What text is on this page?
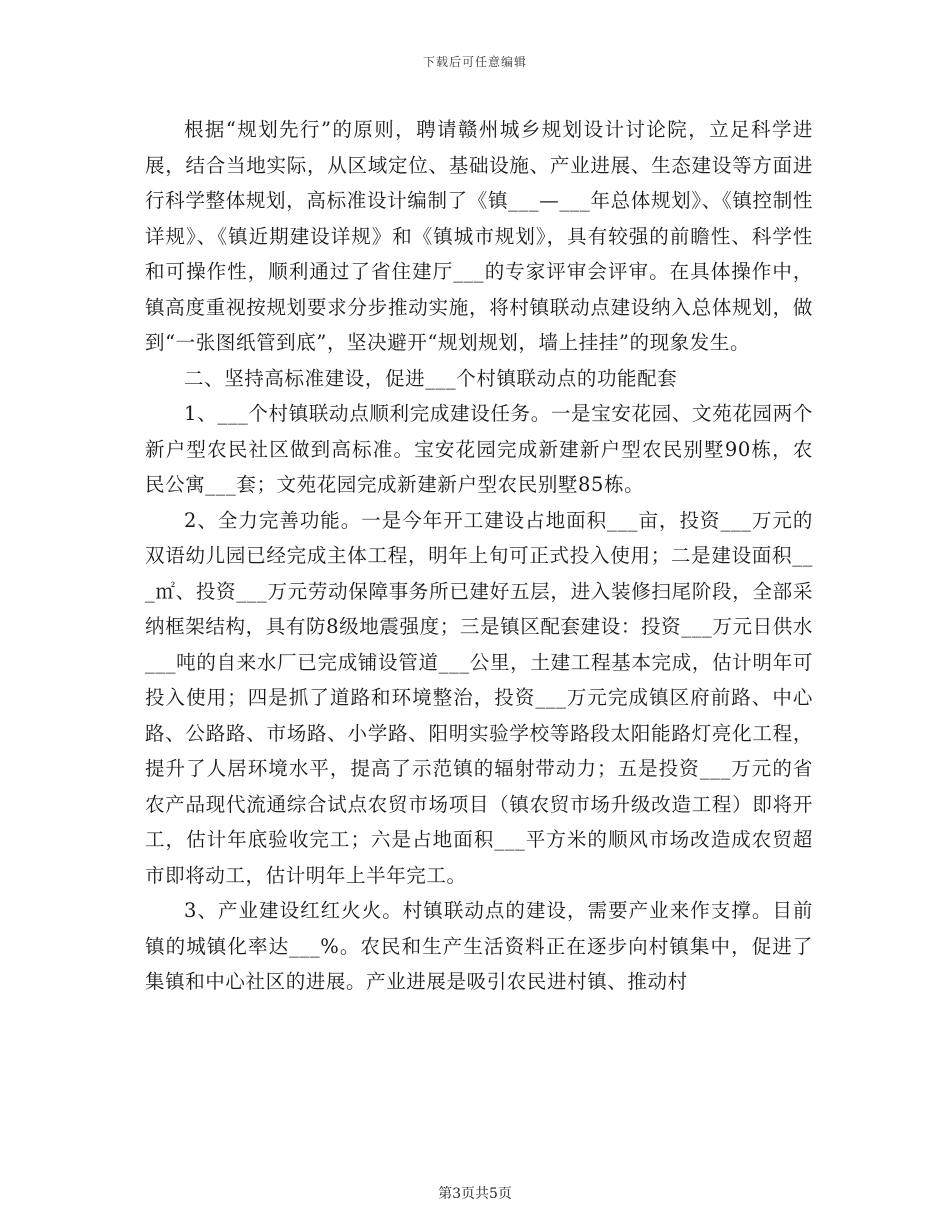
下载后可任意编辑

根据“规划先行”的原则，聘请赣州城乡规划设计讨论院，立足科学进展，结合当地实际，从区域定位、基础设施、产业进展、生态建设等方面进行科学整体规划，高标准设计编制了《镇___—___年总体规划》、《镇控制性详规》、《镇近期建设详规》和《镇城市规划》，具有较强的前瞻性、科学性和可操作性，顺利通过了省住建厅___的专家评审会评审。在具体操作中，镇高度重视按规划要求分步推动实施，将村镇联动点建设纳入总体规划，做到“一张图纸管到底”，坚决避开“规划规划，墙上挂挂”的现象发生。

二、坚持高标准建设，促进___个村镇联动点的功能配套

1、___个村镇联动点顺利完成建设任务。一是宝安花园、文苑花园两个新户型农民社区做到高标准。宝安花园完成新建新户型农民别墅90栋，农民公寓___套；文苑花园完成新建新户型农民别墅85栋。

2、全力完善功能。一是今年开工建设占地面积___亩，投资___万元的双语幼儿园已经完成主体工程，明年上旬可正式投入使用；二是建设面积___㎡、投资___万元劳动保障事务所已建好五层，进入装修扫尾阶段，全部采纳框架结构，具有防8级地震强度；三是镇区配套建设：投资___万元日供水___吨的自来水厂已完成铺设管道___公里，土建工程基本完成，估计明年可投入使用；四是抓了道路和环境整治，投资___万元完成镇区府前路、中心路、公路路、市场路、小学路、阳明实验学校等路段太阳能路灯亮化工程，提升了人居环境水平，提高了示范镇的辐射带动力；五是投资___万元的省农产品现代流通综合试点农贸市场项目（镇农贸市场升级改造工程）即将开工，估计年底验收完工；六是占地面积___平方米的顺风市场改造成农贸超市即将动工，估计明年上半年完工。

3、产业建设红红火火。村镇联动点的建设，需要产业来作支撑。目前镇的城镇化率达___%。农民和生产生活资料正在逐步向村镇集中，促进了集镇和中心社区的进展。产业进展是吸引农民进村镇、推动村

第3页共5页
